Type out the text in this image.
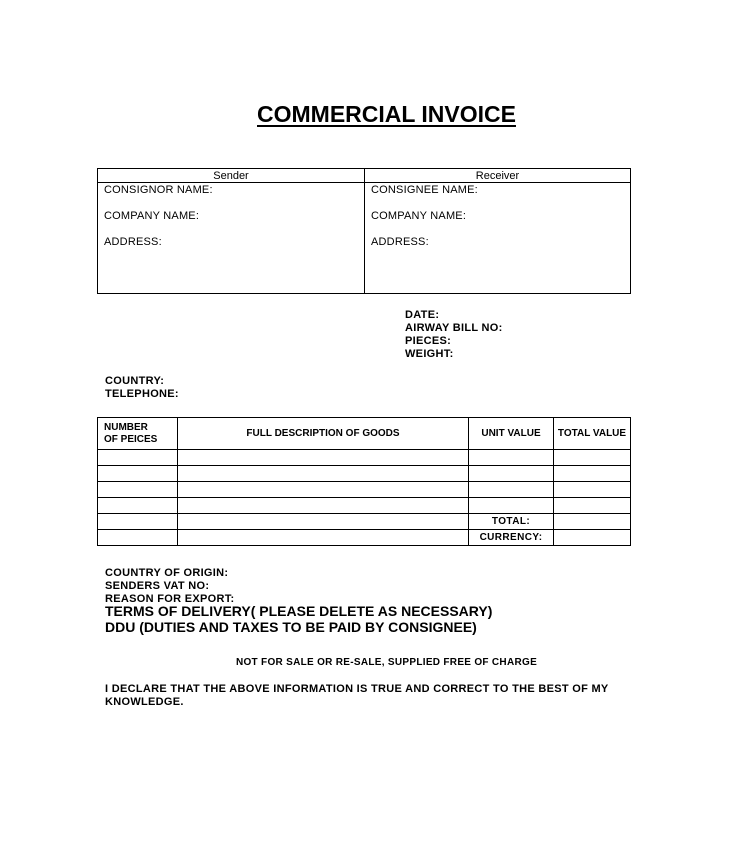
COMMERCIAL INVOICE
Sender
CONSIGNOR NAME:
COMPANY NAME:
ADDRESS:
Receiver
CONSIGNEE NAME:
COMPANY NAME:
ADDRESS:
DATE:
AIRWAY BILL NO:
PIECES:
WEIGHT:
COUNTRY:
TELEPHONE:
NUMBER
OF PEICES	FULL DESCRIPTION OF GOODS	UNIT VALUE	TOTAL VALUE

		TOTAL:	
		CURRENCY:	
COUNTRY OF ORIGIN:
SENDERS VAT NO:
REASON FOR EXPORT:
TERMS OF DELIVERY( PLEASE DELETE AS NECESSARY)
DDU (DUTIES AND TAXES TO BE PAID BY CONSIGNEE)
NOT FOR SALE OR RE-SALE, SUPPLIED FREE OF CHARGE
I DECLARE THAT THE ABOVE INFORMATION IS TRUE AND CORRECT TO THE BEST OF MY
KNOWLEDGE.
